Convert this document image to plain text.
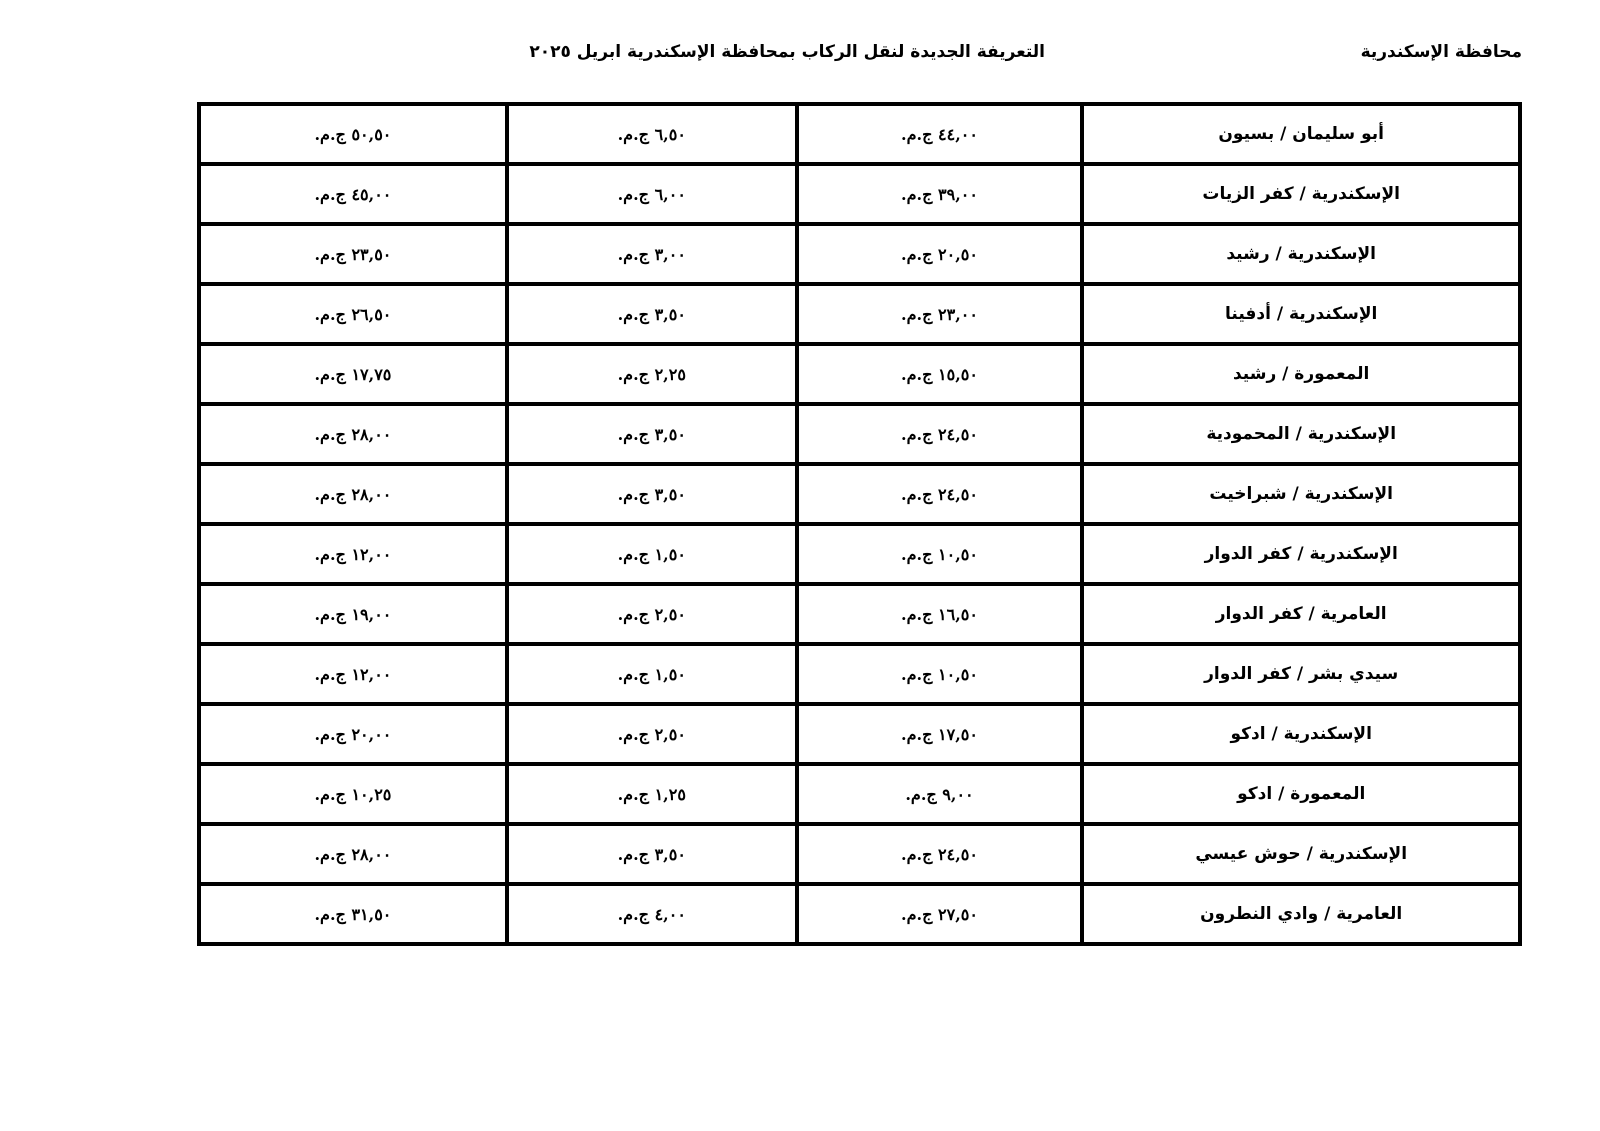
محافظة الإسكندرية
التعريفة الجديدة لنقل الركاب بمحافظة الإسكندرية ابريل ٢٠٢٥
أبو سليمان / بسيون	٤٤,٠٠ ج.م.	٦,٥٠ ج.م.	٥٠,٥٠ ج.م.
الإسكندرية / كفر الزيات	٣٩,٠٠ ج.م.	٦,٠٠ ج.م.	٤٥,٠٠ ج.م.
الإسكندرية / رشيد	٢٠,٥٠ ج.م.	٣,٠٠ ج.م.	٢٣,٥٠ ج.م.
الإسكندرية / أدفينا	٢٣,٠٠ ج.م.	٣,٥٠ ج.م.	٢٦,٥٠ ج.م.
المعمورة / رشيد	١٥,٥٠ ج.م.	٢,٢٥ ج.م.	١٧,٧٥ ج.م.
الإسكندرية / المحمودية	٢٤,٥٠ ج.م.	٣,٥٠ ج.م.	٢٨,٠٠ ج.م.
الإسكندرية / شبراخيت	٢٤,٥٠ ج.م.	٣,٥٠ ج.م.	٢٨,٠٠ ج.م.
الإسكندرية / كفر الدوار	١٠,٥٠ ج.م.	١,٥٠ ج.م.	١٢,٠٠ ج.م.
العامرية / كفر الدوار	١٦,٥٠ ج.م.	٢,٥٠ ج.م.	١٩,٠٠ ج.م.
سيدي بشر / كفر الدوار	١٠,٥٠ ج.م.	١,٥٠ ج.م.	١٢,٠٠ ج.م.
الإسكندرية / ادكو	١٧,٥٠ ج.م.	٢,٥٠ ج.م.	٢٠,٠٠ ج.م.
المعمورة / ادكو	٩,٠٠ ج.م.	١,٢٥ ج.م.	١٠,٢٥ ج.م.
الإسكندرية / حوش عيسي	٢٤,٥٠ ج.م.	٣,٥٠ ج.م.	٢٨,٠٠ ج.م.
العامرية / وادي النطرون	٢٧,٥٠ ج.م.	٤,٠٠ ج.م.	٣١,٥٠ ج.م.
